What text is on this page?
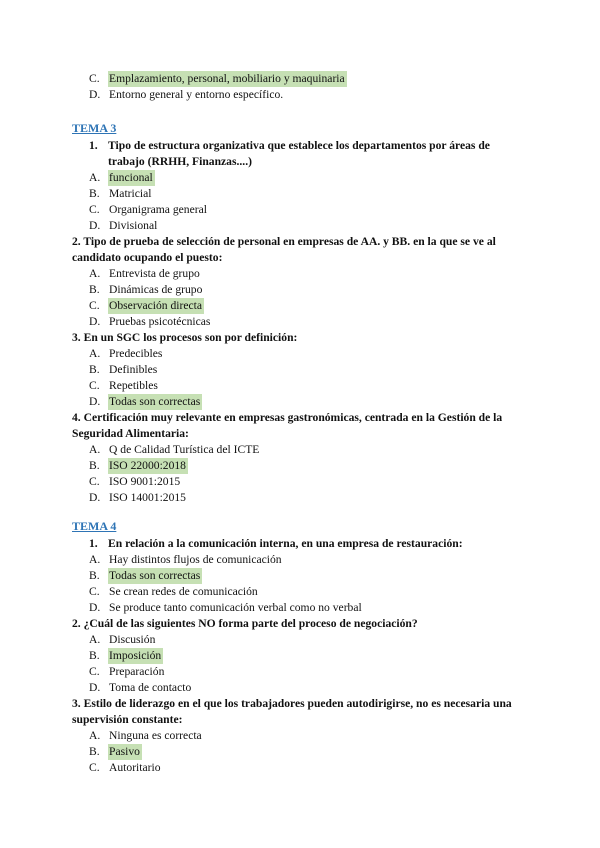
C. Emplazamiento, personal, mobiliario y maquinaria
D. Entorno general y entorno específico.
TEMA 3
1. Tipo de estructura organizativa que establece los departamentos por áreas de trabajo (RRHH, Finanzas....)
A. funcional
B. Matricial
C. Organigrama general
D. Divisional
2. Tipo de prueba de selección de personal en empresas de AA. y BB. en la que se ve al candidato ocupando el puesto:
A. Entrevista de grupo
B. Dinámicas de grupo
C. Observación directa
D. Pruebas psicotécnicas
3. En un SGC los procesos son por definición:
A. Predecibles
B. Definibles
C. Repetibles
D. Todas son correctas
4. Certificación muy relevante en empresas gastronómicas, centrada en la Gestión de la Seguridad Alimentaria:
A. Q de Calidad Turística del ICTE
B. ISO 22000:2018
C. ISO 9001:2015
D. ISO 14001:2015
TEMA 4
1. En relación a la comunicación interna, en una empresa de restauración:
A. Hay distintos flujos de comunicación
B. Todas son correctas
C. Se crean redes de comunicación
D. Se produce tanto comunicación verbal como no verbal
2. ¿Cuál de las siguientes NO forma parte del proceso de negociación?
A. Discusión
B. Imposición
C. Preparación
D. Toma de contacto
3. Estilo de liderazgo en el que los trabajadores pueden autodirigirse, no es necesaria una supervisión constante:
A. Ninguna es correcta
B. Pasivo
C. Autoritario
